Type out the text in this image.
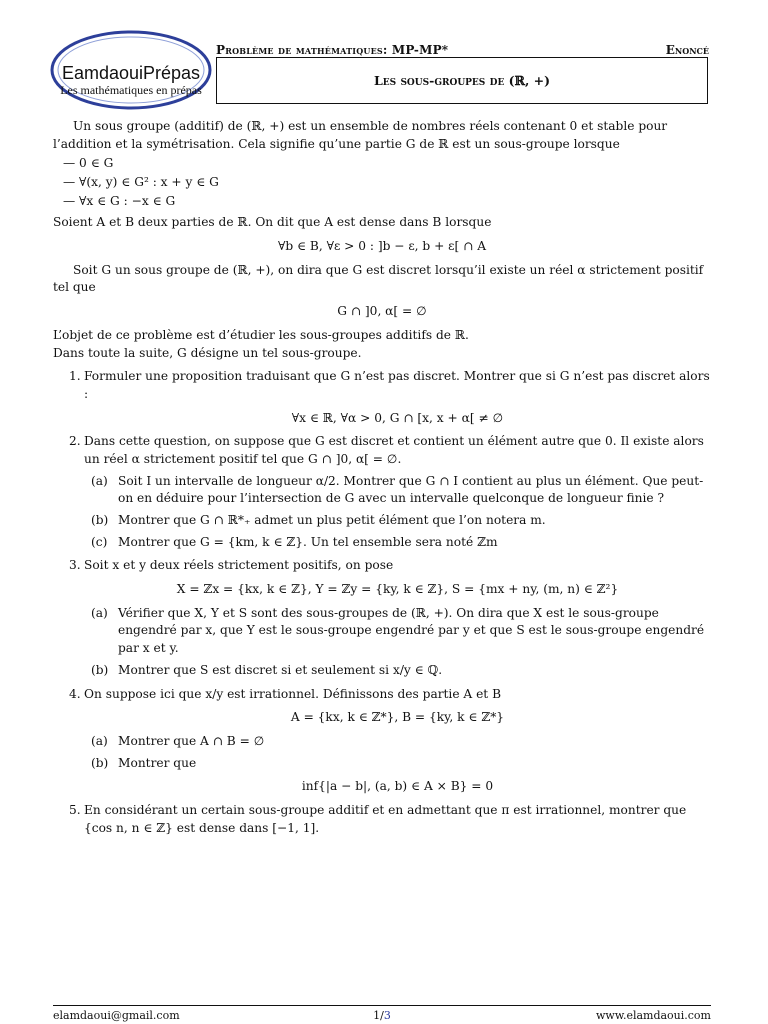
EamdaouiPrépas
Les mathématiques en prépas
Problème de mathématiques: MP-MP*	Enoncé
Les sous-groupes de (ℝ, +)

Un sous groupe (additif) de (ℝ, +) est un ensemble de nombres réels contenant 0 et stable pour l’addition et la symétrisation. Cela signifie qu’une partie G de ℝ est un sous-groupe lorsque

— 0 ∈ G
— ∀(x, y) ∈ G² : x + y ∈ G
— ∀x ∈ G : −x ∈ G

Soient A et B deux parties de ℝ. On dit que A est dense dans B lorsque

∀b ∈ B, ∀ε > 0 : ]b − ε, b + ε[ ∩ A

Soit G un sous groupe de (ℝ, +), on dira que G est discret lorsqu’il existe un réel α strictement positif tel que

G ∩ ]0, α[ = ∅

L’objet de ce problème est d’étudier les sous-groupes additifs de ℝ.

Dans toute la suite, G désigne un tel sous-groupe.

1. Formuler une proposition traduisant que G n’est pas discret. Montrer que si G n’est pas discret alors :

∀x ∈ ℝ, ∀α > 0, G ∩ [x, x + α[ ≠ ∅
2. Dans cette question, on suppose que G est discret et contient un élément autre que 0. Il existe alors un réel α strictement positif tel que G ∩ ]0, α[ = ∅.

(a) Soit I un intervalle de longueur α/2. Montrer que G ∩ I contient au plus un élément. Que peut-on en déduire pour l’intersection de G avec un intervalle quelconque de longueur finie ?

(b) Montrer que G ∩ ℝ*₊ admet un plus petit élément que l’on notera m.

(c) Montrer que G = {km, k ∈ ℤ}. Un tel ensemble sera noté ℤm

3. Soit x et y deux réels strictement positifs, on pose

X = ℤx = {kx, k ∈ ℤ}, Y = ℤy = {ky, k ∈ ℤ}, S = {mx + ny, (m, n) ∈ ℤ²}
(a) Vérifier que X, Y et S sont des sous-groupes de (ℝ, +). On dira que X est le sous-groupe engendré par x, que Y est le sous-groupe engendré par y et que S est le sous-groupe engendré par x et y.

(b) Montrer que S est discret si et seulement si x/y ∈ ℚ.

4. On suppose ici que x/y est irrationnel. Définissons des partie A et B

A = {kx, k ∈ ℤ*}, B = {ky, k ∈ ℤ*}
(a) Montrer que A ∩ B = ∅

(b) Montrer que

inf{|a − b|, (a, b) ∈ A × B} = 0
5. En considérant un certain sous-groupe additif et en admettant que π est irrationnel, montrer que {cos n, n ∈ ℤ} est dense dans [−1, 1].

elamdaoui@gmail.com	1/3	www.elamdaoui.com
